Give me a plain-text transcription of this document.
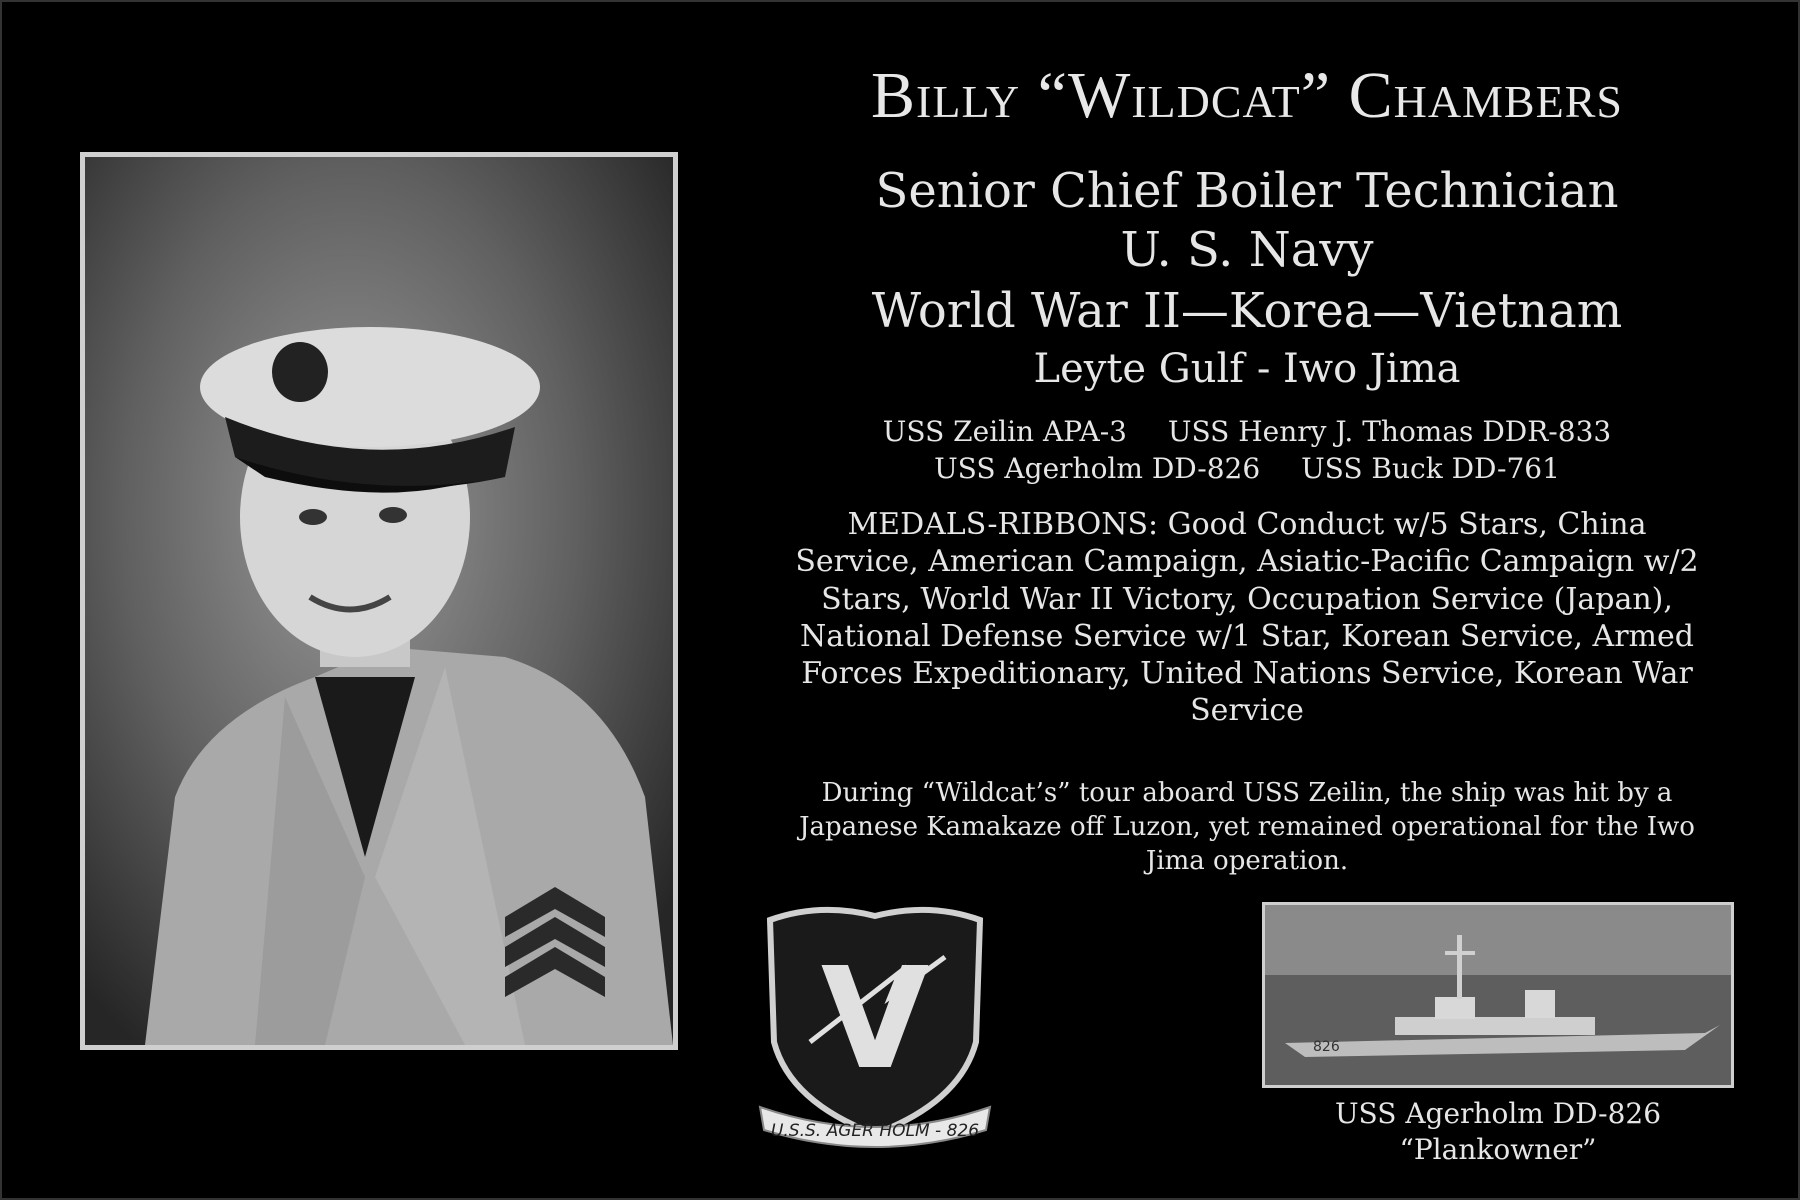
Billy “Wildcat” Chambers
Senior Chief Boiler Technician
U. S. Navy
World War II—Korea—Vietnam
Leyte Gulf - Iwo Jima
USS Zeilin APA-3 USS Henry J. Thomas DDR-833
USS Agerholm DD-826 USS Buck DD-761
MEDALS-RIBBONS: Good Conduct w/5 Stars, China Service, American Campaign, Asiatic-Pacific Campaign w/2 Stars, World War II Victory, Occupation Service (Japan), National Defense Service w/1 Star, Korean Service, Armed Forces Expeditionary, United Nations Service, Korean War Service
During “Wildcat’s” tour aboard USS Zeilin, the ship was hit by a Japanese Kamakaze off Luzon, yet remained operational for the Iwo Jima operation.
V
U.S.S. AGER HOLM - 826
826
USS Agerholm DD-826
“Plankowner”
